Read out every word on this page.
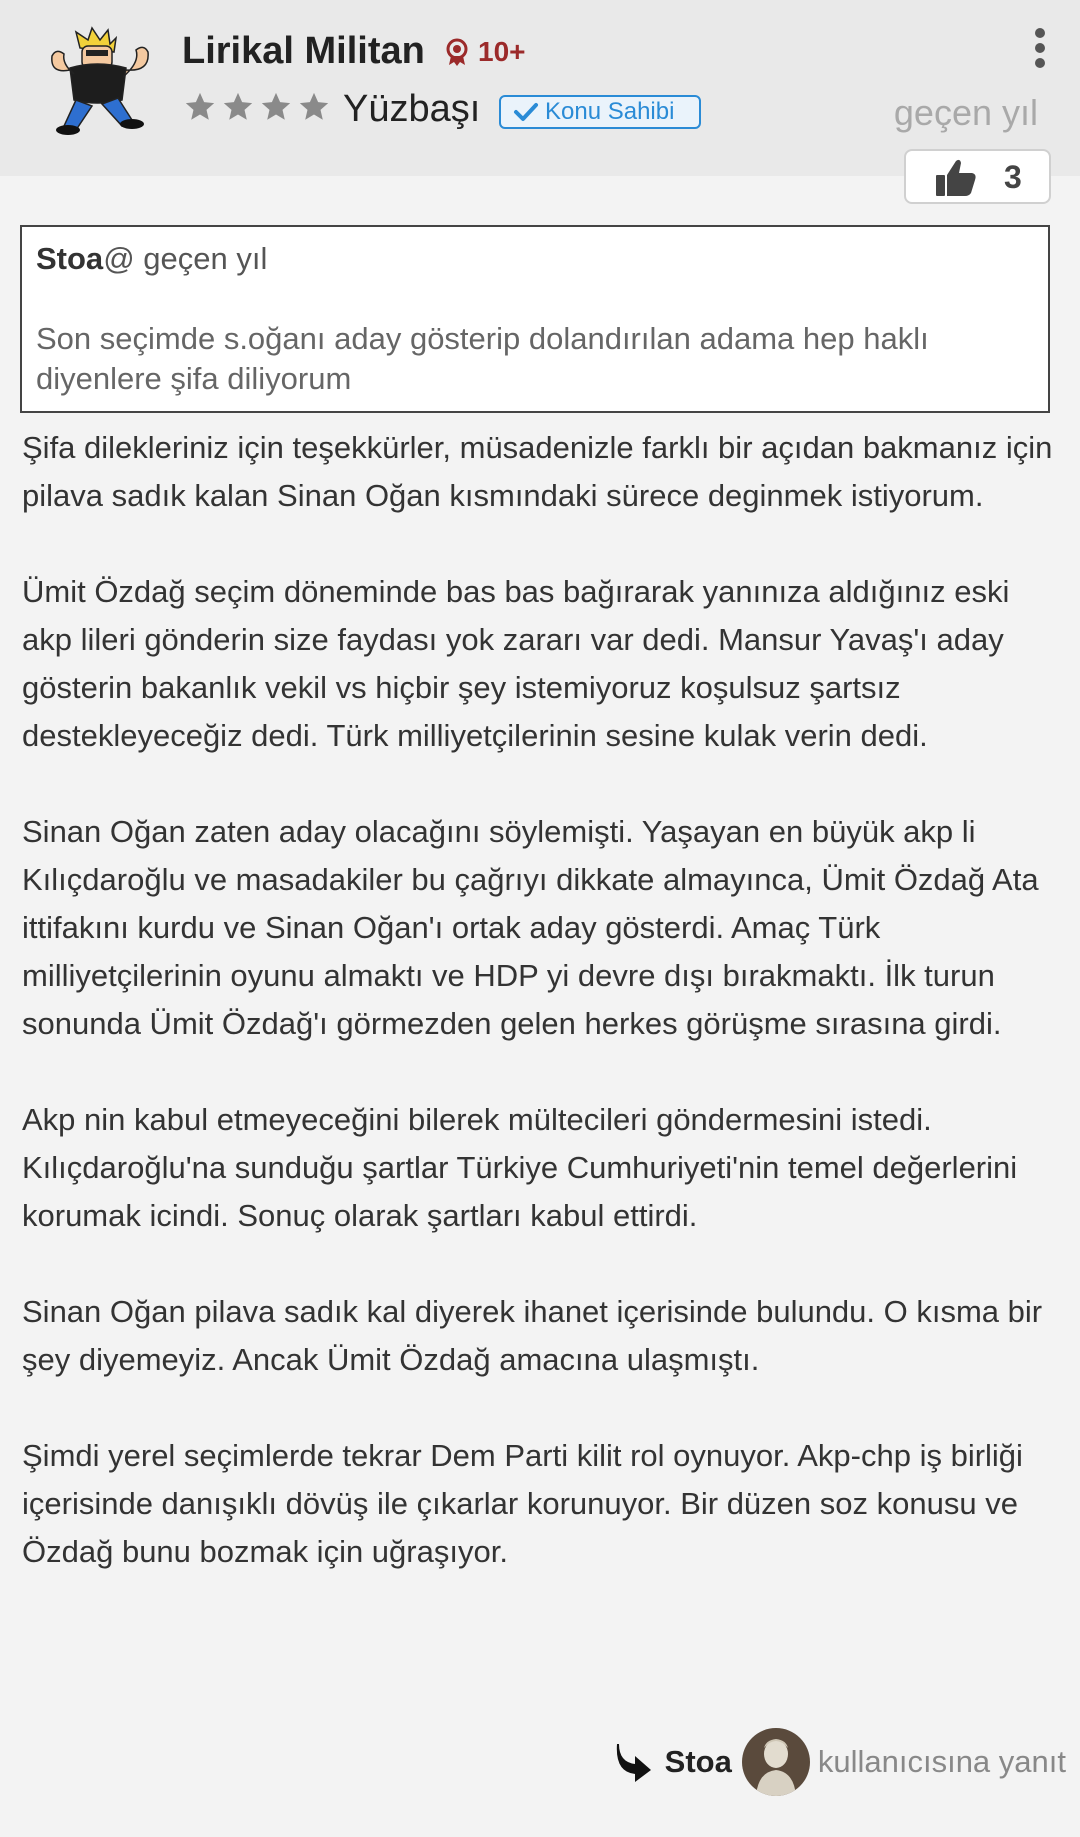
Lirikal Militan 10+
Yüzbaşı	Konu Sahibi	geçen yıl
3
Stoa@ geçen yıl
Son seçimde s.oğanı aday gösterip dolandırılan adama hep haklı diyenlere şifa diliyorum

Şifa dilekleriniz için teşekkürler, müsadenizle farklı bir açıdan bakmanız için pilava sadık kalan Sinan Oğan kısmındaki sürece deginmek istiyorum.

Ümit Özdağ seçim döneminde bas bas bağırarak yanınıza aldığınız eski akp lileri gönderin size faydası yok zararı var dedi. Mansur Yavaş'ı aday gösterin bakanlık vekil vs hiçbir şey istemiyoruz koşulsuz şartsız destekleyeceğiz dedi. Türk milliyetçilerinin sesine kulak verin dedi.

Sinan Oğan zaten aday olacağını söylemişti. Yaşayan en büyük akp li Kılıçdaroğlu ve masadakiler bu çağrıyı dikkate almayınca, Ümit Özdağ Ata ittifakını kurdu ve Sinan Oğan'ı ortak aday gösterdi. Amaç Türk milliyetçilerinin oyunu almaktı ve HDP yi devre dışı bırakmaktı. İlk turun sonunda Ümit Özdağ'ı görmezden gelen herkes görüşme sırasına girdi.

Akp nin kabul etmeyeceğini bilerek mültecileri göndermesini istedi. Kılıçdaroğlu'na sunduğu şartlar Türkiye Cumhuriyeti'nin temel değerlerini korumak icindi. Sonuç olarak şartları kabul ettirdi.

Sinan Oğan pilava sadık kal diyerek ihanet içerisinde bulundu. O kısma bir şey diyemeyiz. Ancak Ümit Özdağ amacına ulaşmıştı.

Şimdi yerel seçimlerde tekrar Dem Parti kilit rol oynuyor. Akp-chp iş birliği içerisinde danışıklı dövüş ile çıkarlar korunuyor. Bir düzen soz konusu ve Özdağ bunu bozmak için uğraşıyor.

Stoa	kullanıcısına yanıt
